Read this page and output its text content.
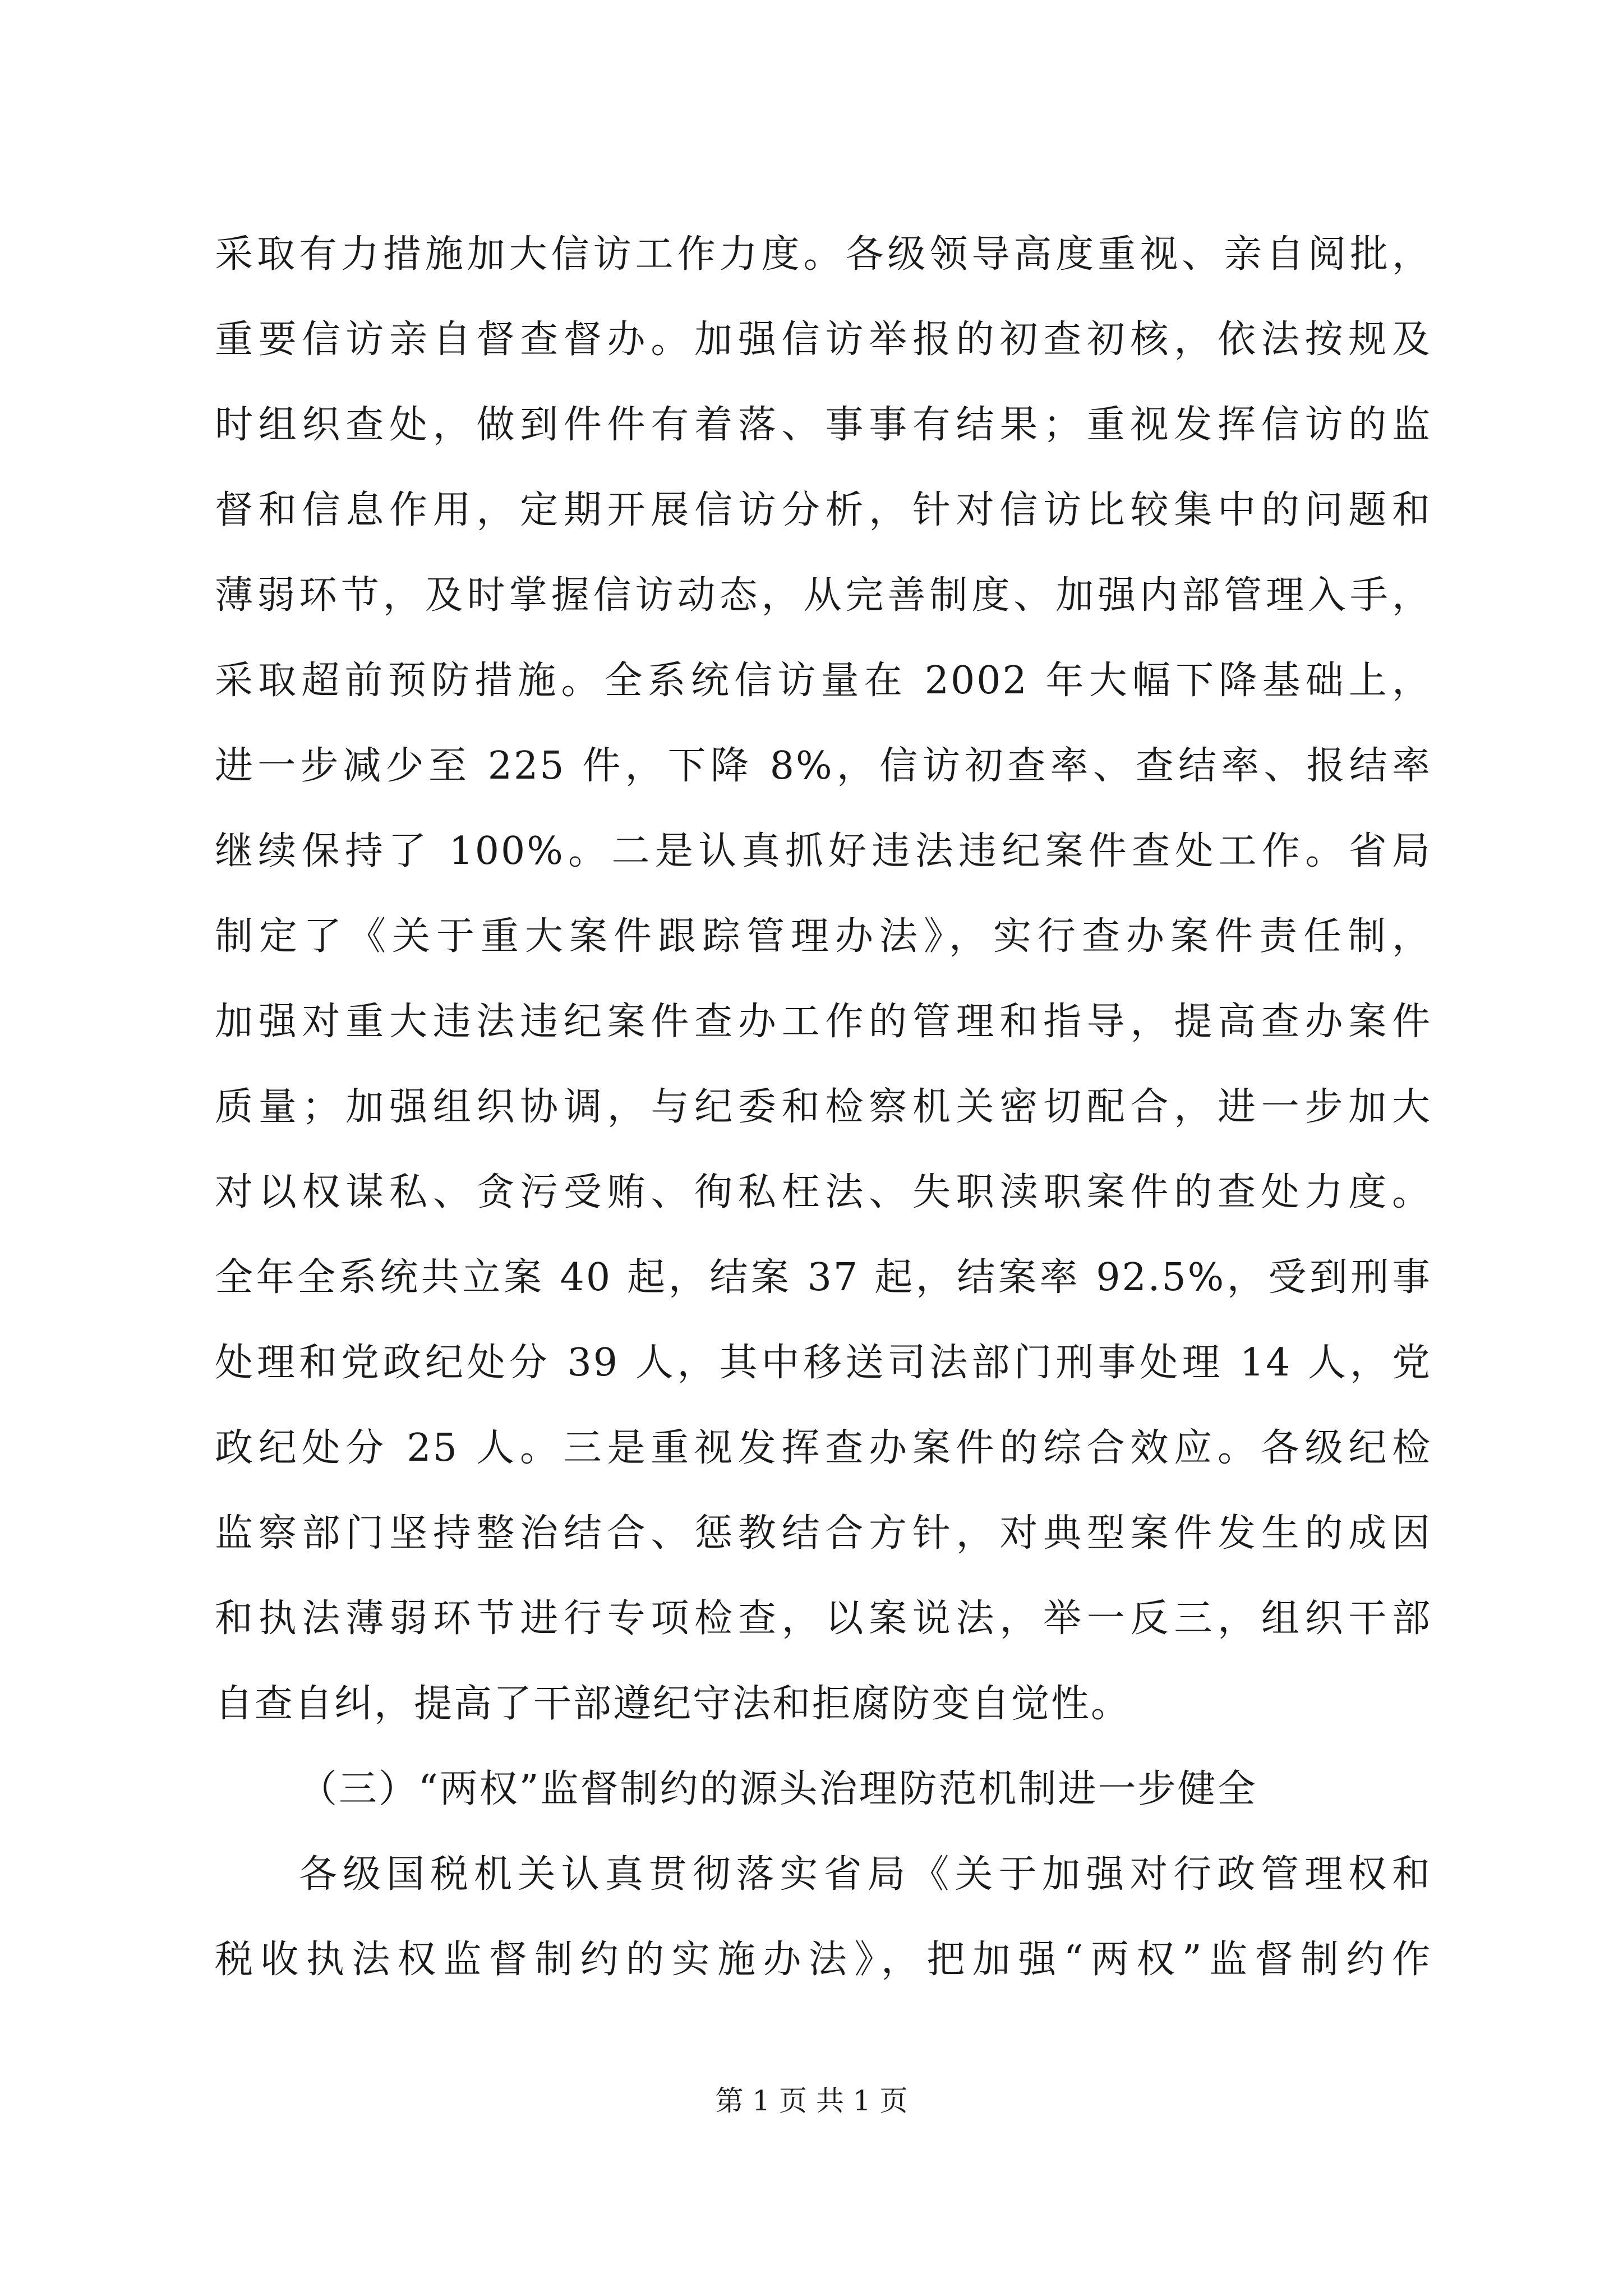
采取有力措施加大信访工作力度。各级领导高度重视、亲自阅批，
重要信访亲自督查督办。加强信访举报的初查初核，依法按规及
时组织查处，做到件件有着落、事事有结果；重视发挥信访的监
督和信息作用，定期开展信访分析，针对信访比较集中的问题和
薄弱环节，及时掌握信访动态，从完善制度、加强内部管理入手，
采取超前预防措施。全系统信访量在 2002 年大幅下降基础上，
进一步减少至 225 件，下降 8%，信访初查率、查结率、报结率
继续保持了 100%。二是认真抓好违法违纪案件查处工作。省局
制定了《关于重大案件跟踪管理办法》，实行查办案件责任制，
加强对重大违法违纪案件查办工作的管理和指导，提高查办案件
质量；加强组织协调，与纪委和检察机关密切配合，进一步加大
对以权谋私、贪污受贿、徇私枉法、失职渎职案件的查处力度。
全年全系统共立案 40 起，结案 37 起，结案率 92.5%，受到刑事
处理和党政纪处分 39 人，其中移送司法部门刑事处理 14 人，党
政纪处分 25 人。三是重视发挥查办案件的综合效应。各级纪检
监察部门坚持整治结合、惩教结合方针，对典型案件发生的成因
和执法薄弱环节进行专项检查，以案说法，举一反三，组织干部
自查自纠，提高了干部遵纪守法和拒腐防变自觉性。
（三）“两权”监督制约的源头治理防范机制进一步健全
各级国税机关认真贯彻落实省局《关于加强对行政管理权和
税收执法权监督制约的实施办法》，把加强“两权”监督制约作
第 1 页 共 1 页
